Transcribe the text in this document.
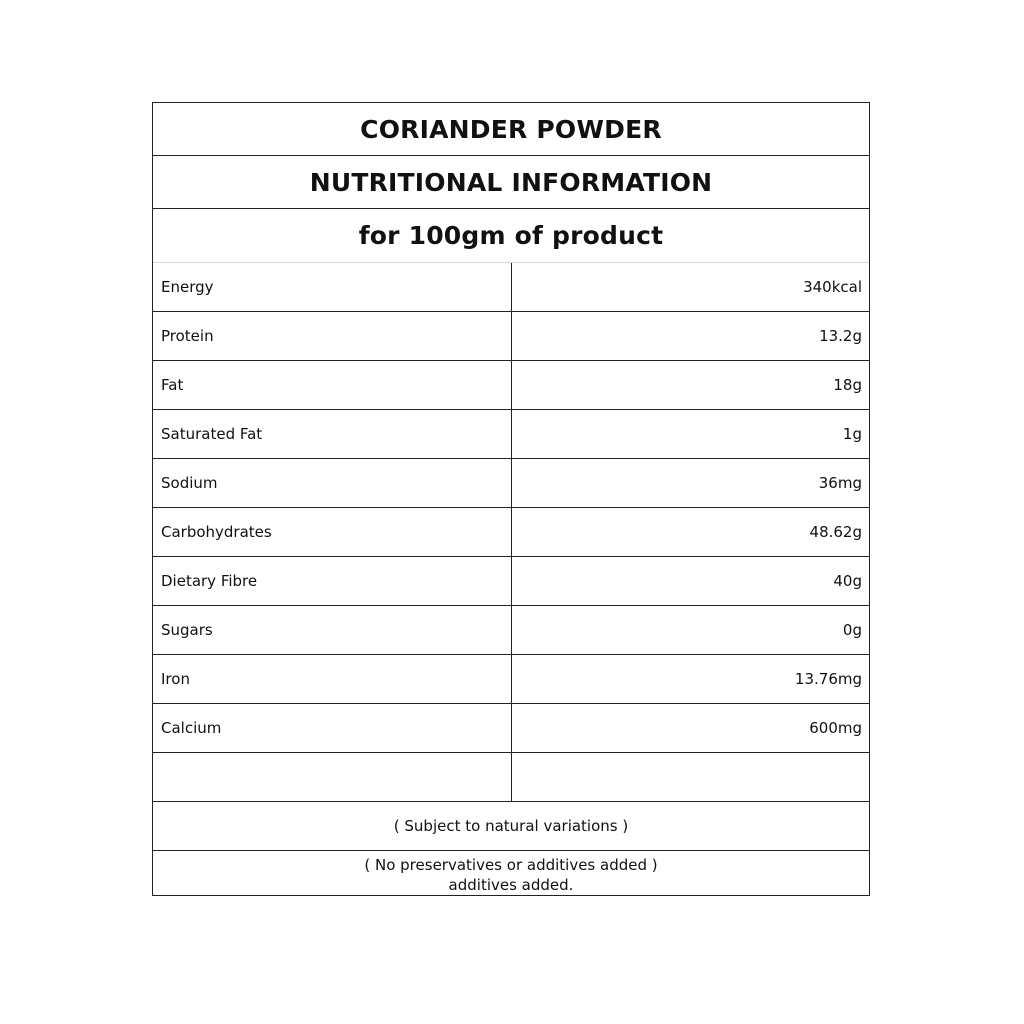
CORIANDER POWDER
NUTRITIONAL INFORMATION
for 100gm of product
Energy	340kcal
Protein	13.2g
Fat	18g
Saturated Fat	1g
Sodium	36mg
Carbohydrates	48.62g
Dietary Fibre	40g
Sugars	0g
Iron	13.76mg
Calcium	600mg
( Subject to natural variations )
( No preservatives or additives added )
additives added.
